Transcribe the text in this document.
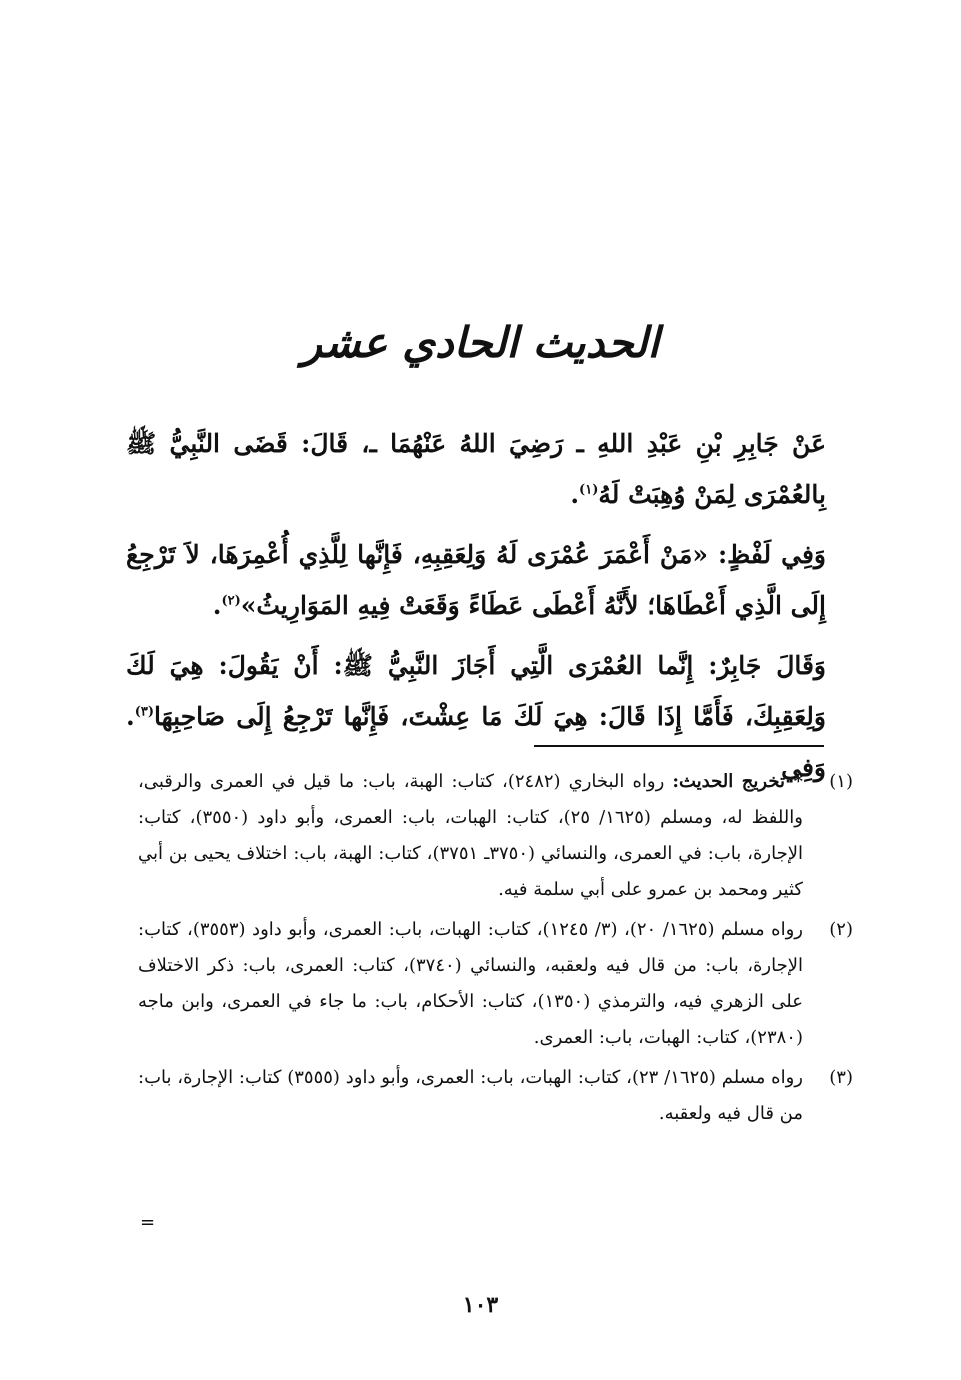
الحديث الحادي عشر

عَنْ جَابِرِ بْنِ عَبْدِ اللهِ ـ رَضِيَ اللهُ عَنْهُمَا ـ، قَالَ: قَضَى النَّبِيُّ ﷺ بِالعُمْرَى لِمَنْ وُهِبَتْ لَهُ$^{(١)}$.

وَفِي لَفْظٍ: «مَنْ أَعْمَرَ عُمْرَى لَهُ وَلِعَقِبِهِ، فَإِنَّها لِلَّذِي أُعْمِرَهَا، لاَ تَرْجِعُ إِلَى الَّذِي أَعْطَاهَا؛ لأَنَّهُ أَعْطَى عَطَاءً وَقَعَتْ فِيهِ المَوَارِيثُ»$^{(٢)}$.

وَقَالَ جَابِرٌ: إِنَّما العُمْرَى الَّتِي أَجَازَ النَّبِيُّ ﷺ: أَنْ يَقُولَ: هِيَ لَكَ وَلِعَقِبِكَ، فَأَمَّا إِذَا قَالَ: هِيَ لَكَ مَا عِشْتَ، فَإِنَّها تَرْجِعُ إِلَى صَاحِبِهَا$^{(٣)}$. وَفِي (١)
* تخريج الحديث: رواه البخاري (٢٤٨٢)، كتاب: الهبة، باب: ما قيل في العمرى والرقبى، واللفظ له، ومسلم (١٦٢٥/ ٢٥)، كتاب: الهبات، باب: العمرى، وأبو داود (٣٥٥٠)، كتاب: الإجارة، باب: في العمرى، والنسائي (٣٧٥٠ـ ٣٧٥١)، كتاب: الهبة، باب: اختلاف يحيى بن أبي كثير ومحمد بن عمرو على أبي سلمة فيه.
(٢)
رواه مسلم (١٦٢٥/ ٢٠)، (٣/ ١٢٤٥)، كتاب: الهبات، باب: العمرى، وأبو داود (٣٥٥٣)، كتاب: الإجارة، باب: من قال فيه ولعقبه، والنسائي (٣٧٤٠)، كتاب: العمرى، باب: ذكر الاختلاف على الزهري فيه، والترمذي (١٣٥٠)، كتاب: الأحكام، باب: ما جاء في العمرى، وابن ماجه (٢٣٨٠)، كتاب: الهبات، باب: العمرى.
(٣)
رواه مسلم (١٦٢٥/ ٢٣)، كتاب: الهبات، باب: العمرى، وأبو داود (٣٥٥٥) كتاب: الإجارة، باب: من قال فيه ولعقبه.
=
١٠٣
